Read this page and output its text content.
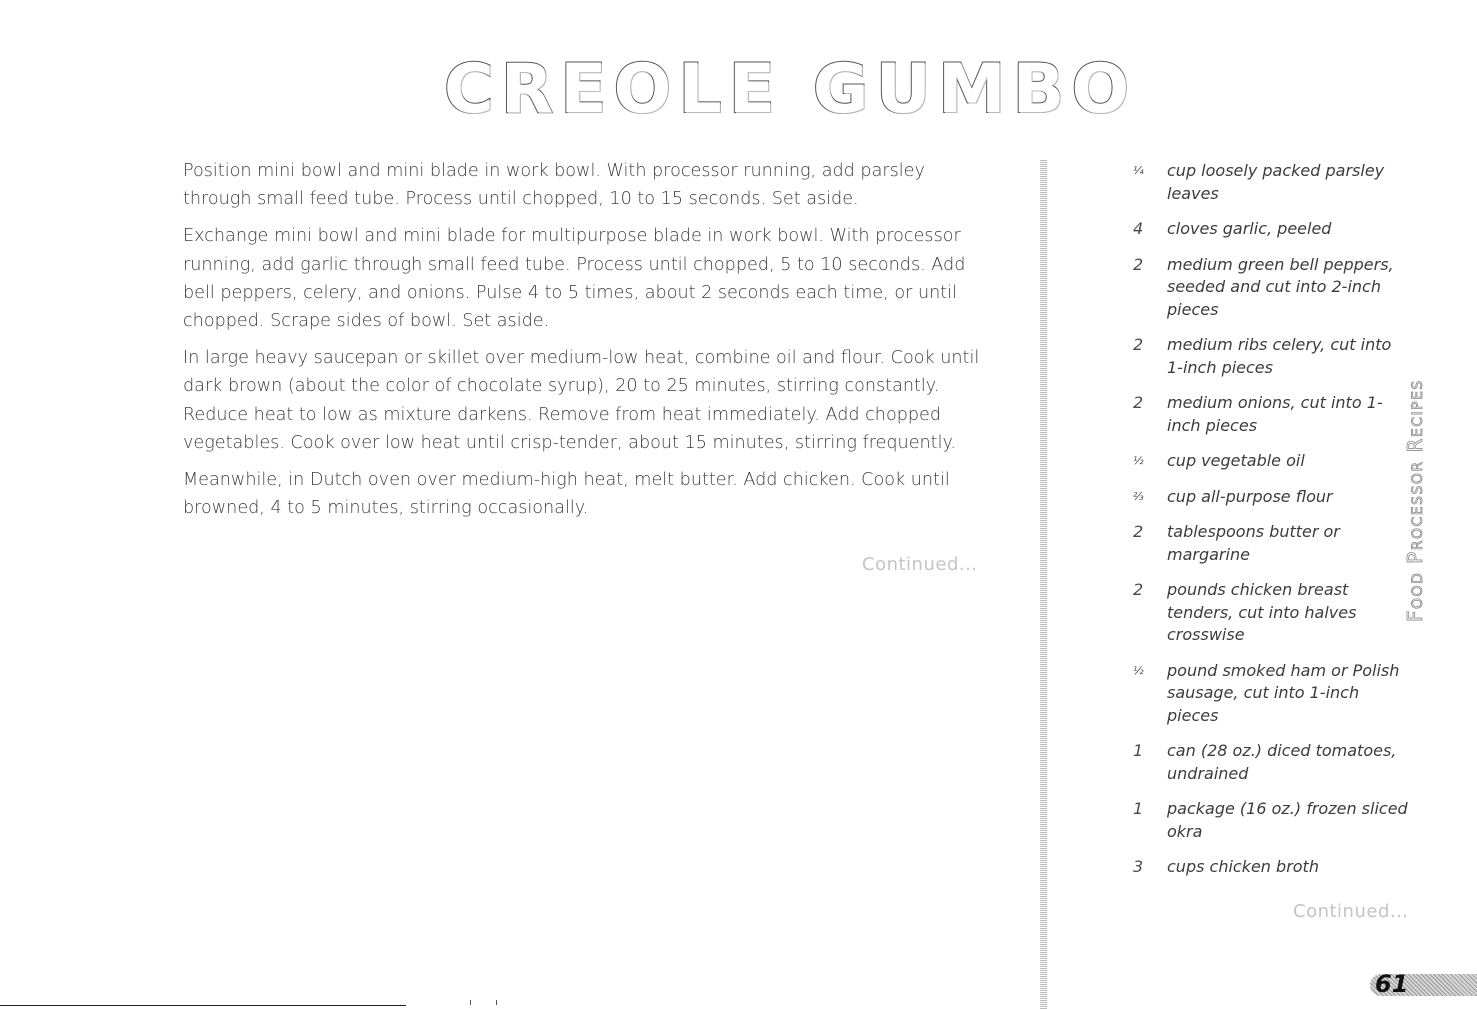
CREOLE GUMBO

Position mini bowl and mini blade in work bowl. With processor running, add parsley through small feed tube. Process until chopped, 10 to 15 seconds. Set aside.

Exchange mini bowl and mini blade for multipurpose blade in work bowl. With processor running, add garlic through small feed tube. Process until chopped, 5 to 10 seconds. Add bell peppers, celery, and onions. Pulse 4 to 5 times, about 2 seconds each time, or until chopped. Scrape sides of bowl. Set aside.

In large heavy saucepan or skillet over medium-low heat, combine oil and flour. Cook until dark brown (about the color of chocolate syrup), 20 to 25 minutes, stirring constantly. Reduce heat to low as mixture darkens. Remove from heat immediately. Add chopped vegetables. Cook over low heat until crisp-tender, about 15 minutes, stirring frequently.

Meanwhile, in Dutch oven over medium-high heat, melt butter. Add chicken. Cook until browned, 4 to 5 minutes, stirring occasionally.

Continued...
¼ cup loosely packed parsley leaves
4 cloves garlic, peeled
2 medium green bell peppers, seeded and cut into 2-inch pieces
2 medium ribs celery, cut into 1-inch pieces
2 medium onions, cut into 1-inch pieces
½ cup vegetable oil
⅔ cup all-purpose flour
2 tablespoons butter or margarine
2 pounds chicken breast tenders, cut into halves crosswise
½ pound smoked ham or Polish sausage, cut into 1-inch pieces
1 can (28 oz.) diced tomatoes, undrained
1 package (16 oz.) frozen sliced okra
3 cups chicken broth
Continued...
Food Processor Recipes
61
